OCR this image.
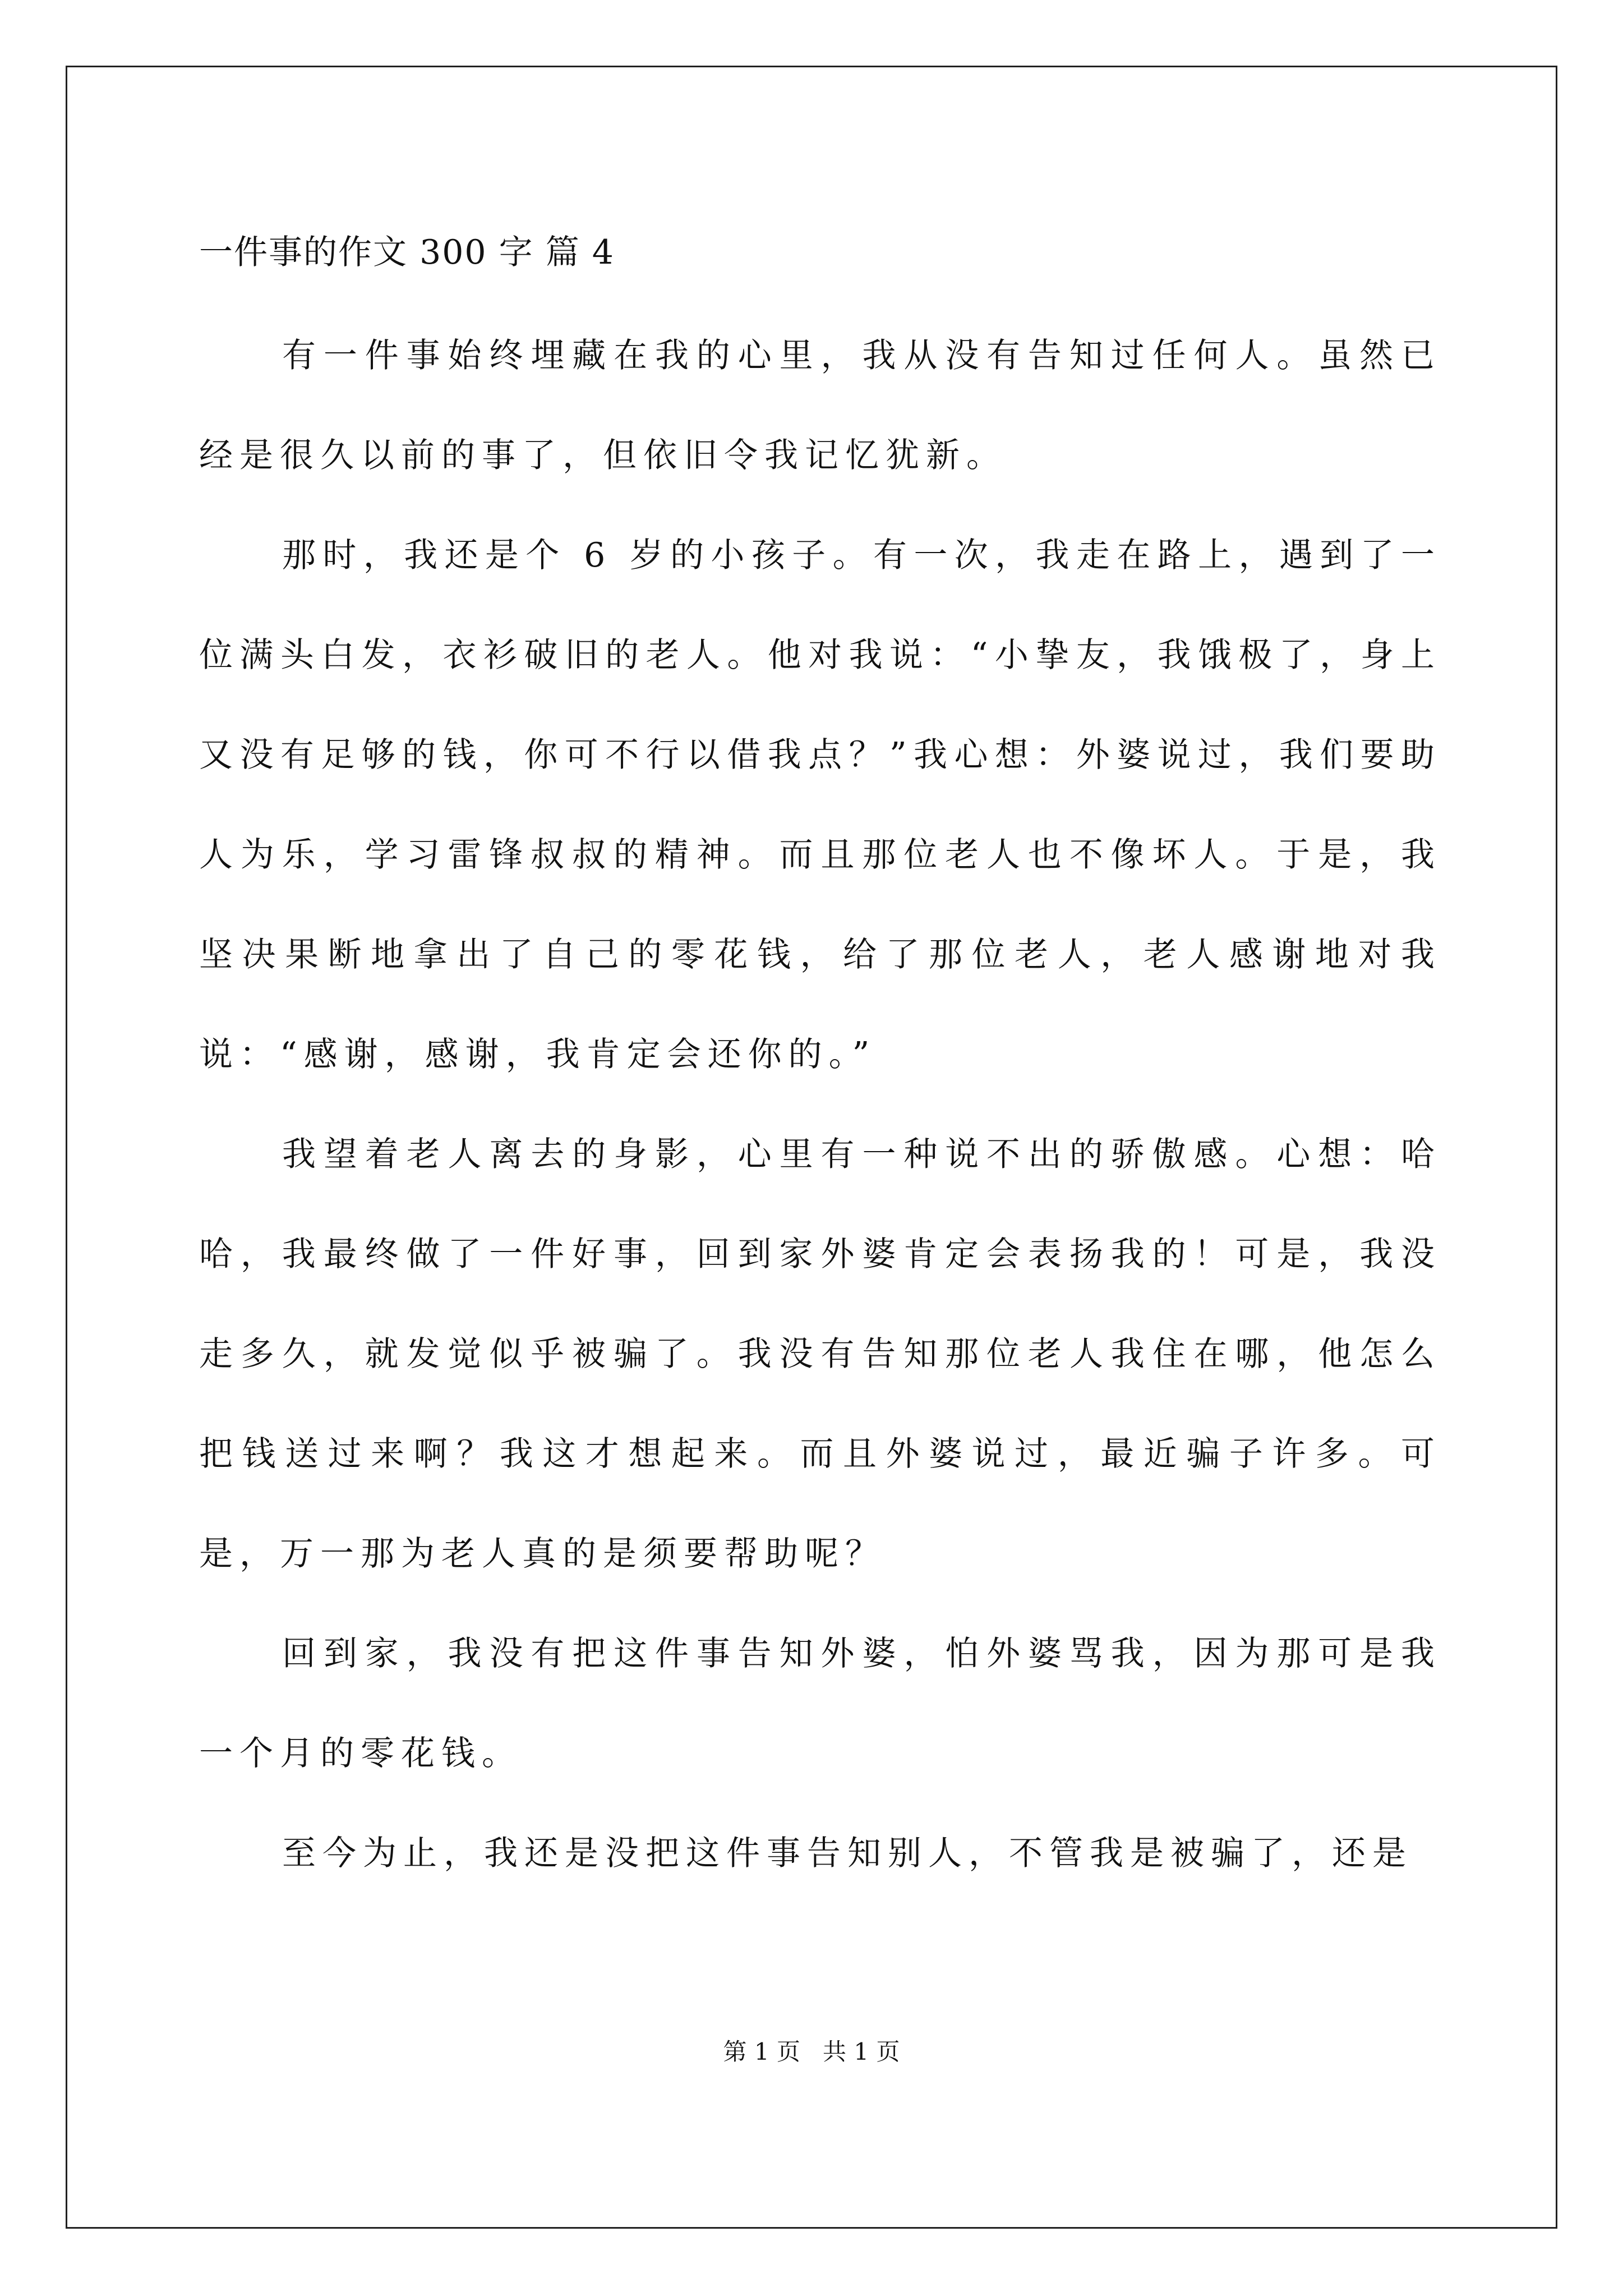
一件事的作文 300 字 篇 4

有一件事始终埋藏在我的心里，我从没有告知过任何人。虽然已经是很久以前的事了，但依旧令我记忆犹新。

那时，我还是个 6 岁的小孩子。有一次，我走在路上，遇到了一位满头白发，衣衫破旧的老人。他对我说：“小挚友，我饿极了，身上又没有足够的钱，你可不行以借我点？”我心想：外婆说过，我们要助人为乐，学习雷锋叔叔的精神。而且那位老人也不像坏人。于是，我坚决果断地拿出了自己的零花钱，给了那位老人，老人感谢地对我说：“感谢，感谢，我肯定会还你的。”

我望着老人离去的身影，心里有一种说不出的骄傲感。心想：哈哈，我最终做了一件好事，回到家外婆肯定会表扬我的！可是，我没走多久，就发觉似乎被骗了。我没有告知那位老人我住在哪，他怎么把钱送过来啊？我这才想起来。而且外婆说过，最近骗子许多。可是，万一那为老人真的是须要帮助呢？

回到家，我没有把这件事告知外婆，怕外婆骂我，因为那可是我一个月的零花钱。

至今为止，我还是没把这件事告知别人，不管我是被骗了，还是

第 1 页   共 1 页
